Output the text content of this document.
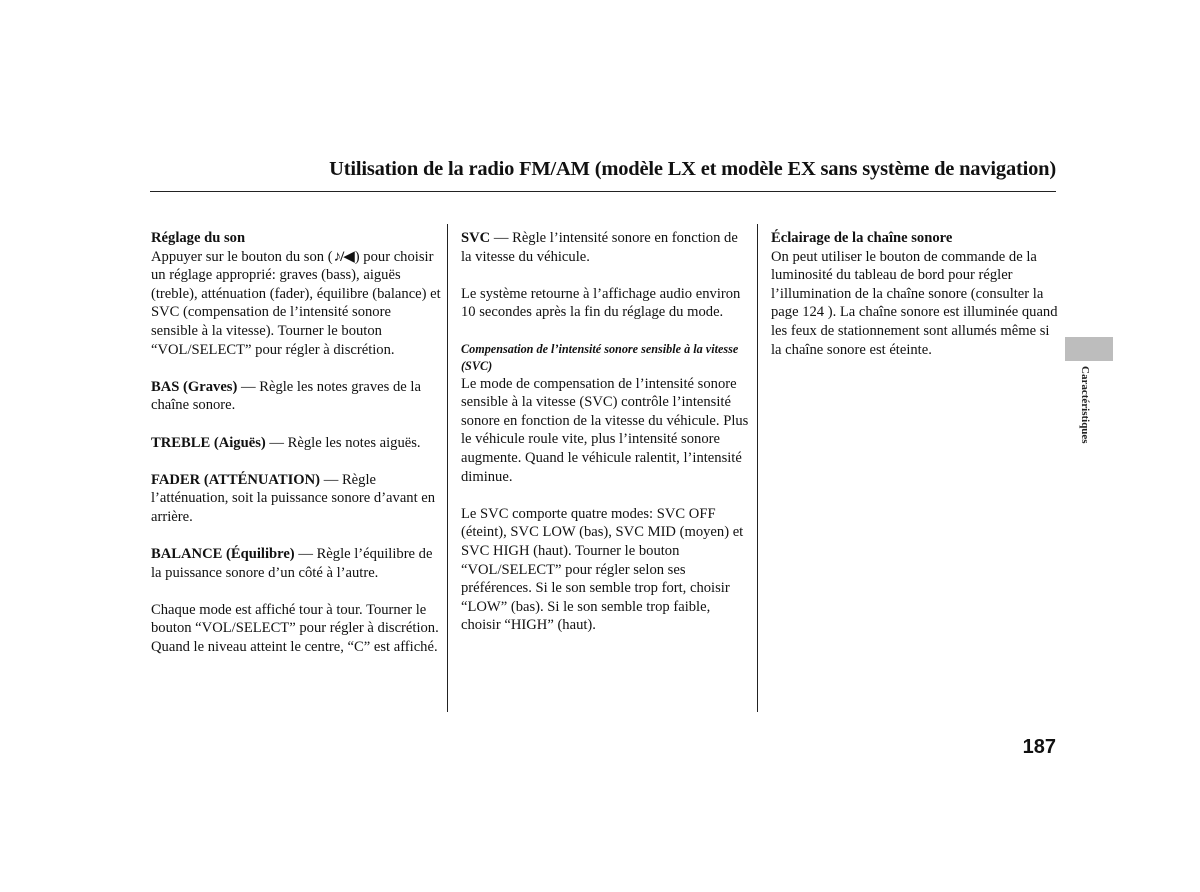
Utilisation de la radio FM/AM (modèle LX et modèle EX sans système de navigation)

Réglage du son
Appuyer sur le bouton du son (♪/◀) pour choisir un réglage approprié: graves (bass), aiguës (treble), atténuation (fader), équilibre (balance) et SVC (compensation de l’intensité sonore sensible à la vitesse). Tourner le bouton “VOL/SELECT” pour régler à discrétion.

BAS (Graves) — Règle les notes graves de la chaîne sonore.

TREBLE (Aiguës) — Règle les notes aiguës.

FADER (ATTÉNUATION) — Règle l’atténuation, soit la puissance sonore d’avant en arrière.

BALANCE (Équilibre) — Règle l’équilibre de la puissance sonore d’un côté à l’autre.

Chaque mode est affiché tour à tour. Tourner le bouton “VOL/SELECT” pour régler à discrétion. Quand le niveau atteint le centre, “C” est affiché.

SVC — Règle l’intensité sonore en fonction de la vitesse du véhicule.

Le système retourne à l’affichage audio environ 10 secondes après la fin du réglage du mode.

Compensation de l’intensité sonore sensible à la vitesse (SVC)
Le mode de compensation de l’intensité sonore sensible à la vitesse (SVC) contrôle l’intensité sonore en fonction de la vitesse du véhicule. Plus le véhicule roule vite, plus l’intensité sonore augmente. Quand le véhicule ralentit, l’intensité diminue.

Le SVC comporte quatre modes: SVC OFF (éteint), SVC LOW (bas), SVC MID (moyen) et SVC HIGH (haut). Tourner le bouton “VOL/SELECT” pour régler selon ses préférences. Si le son semble trop fort, choisir “LOW” (bas). Si le son semble trop faible, choisir “HIGH” (haut).

Éclairage de la chaîne sonore
On peut utiliser le bouton de commande de la luminosité du tableau de bord pour régler l’illumination de la chaîne sonore (consulter la page 124 ). La chaîne sonore est illuminée quand les feux de stationnement sont allumés même si la chaîne sonore est éteinte.

Caractéristiques
187
